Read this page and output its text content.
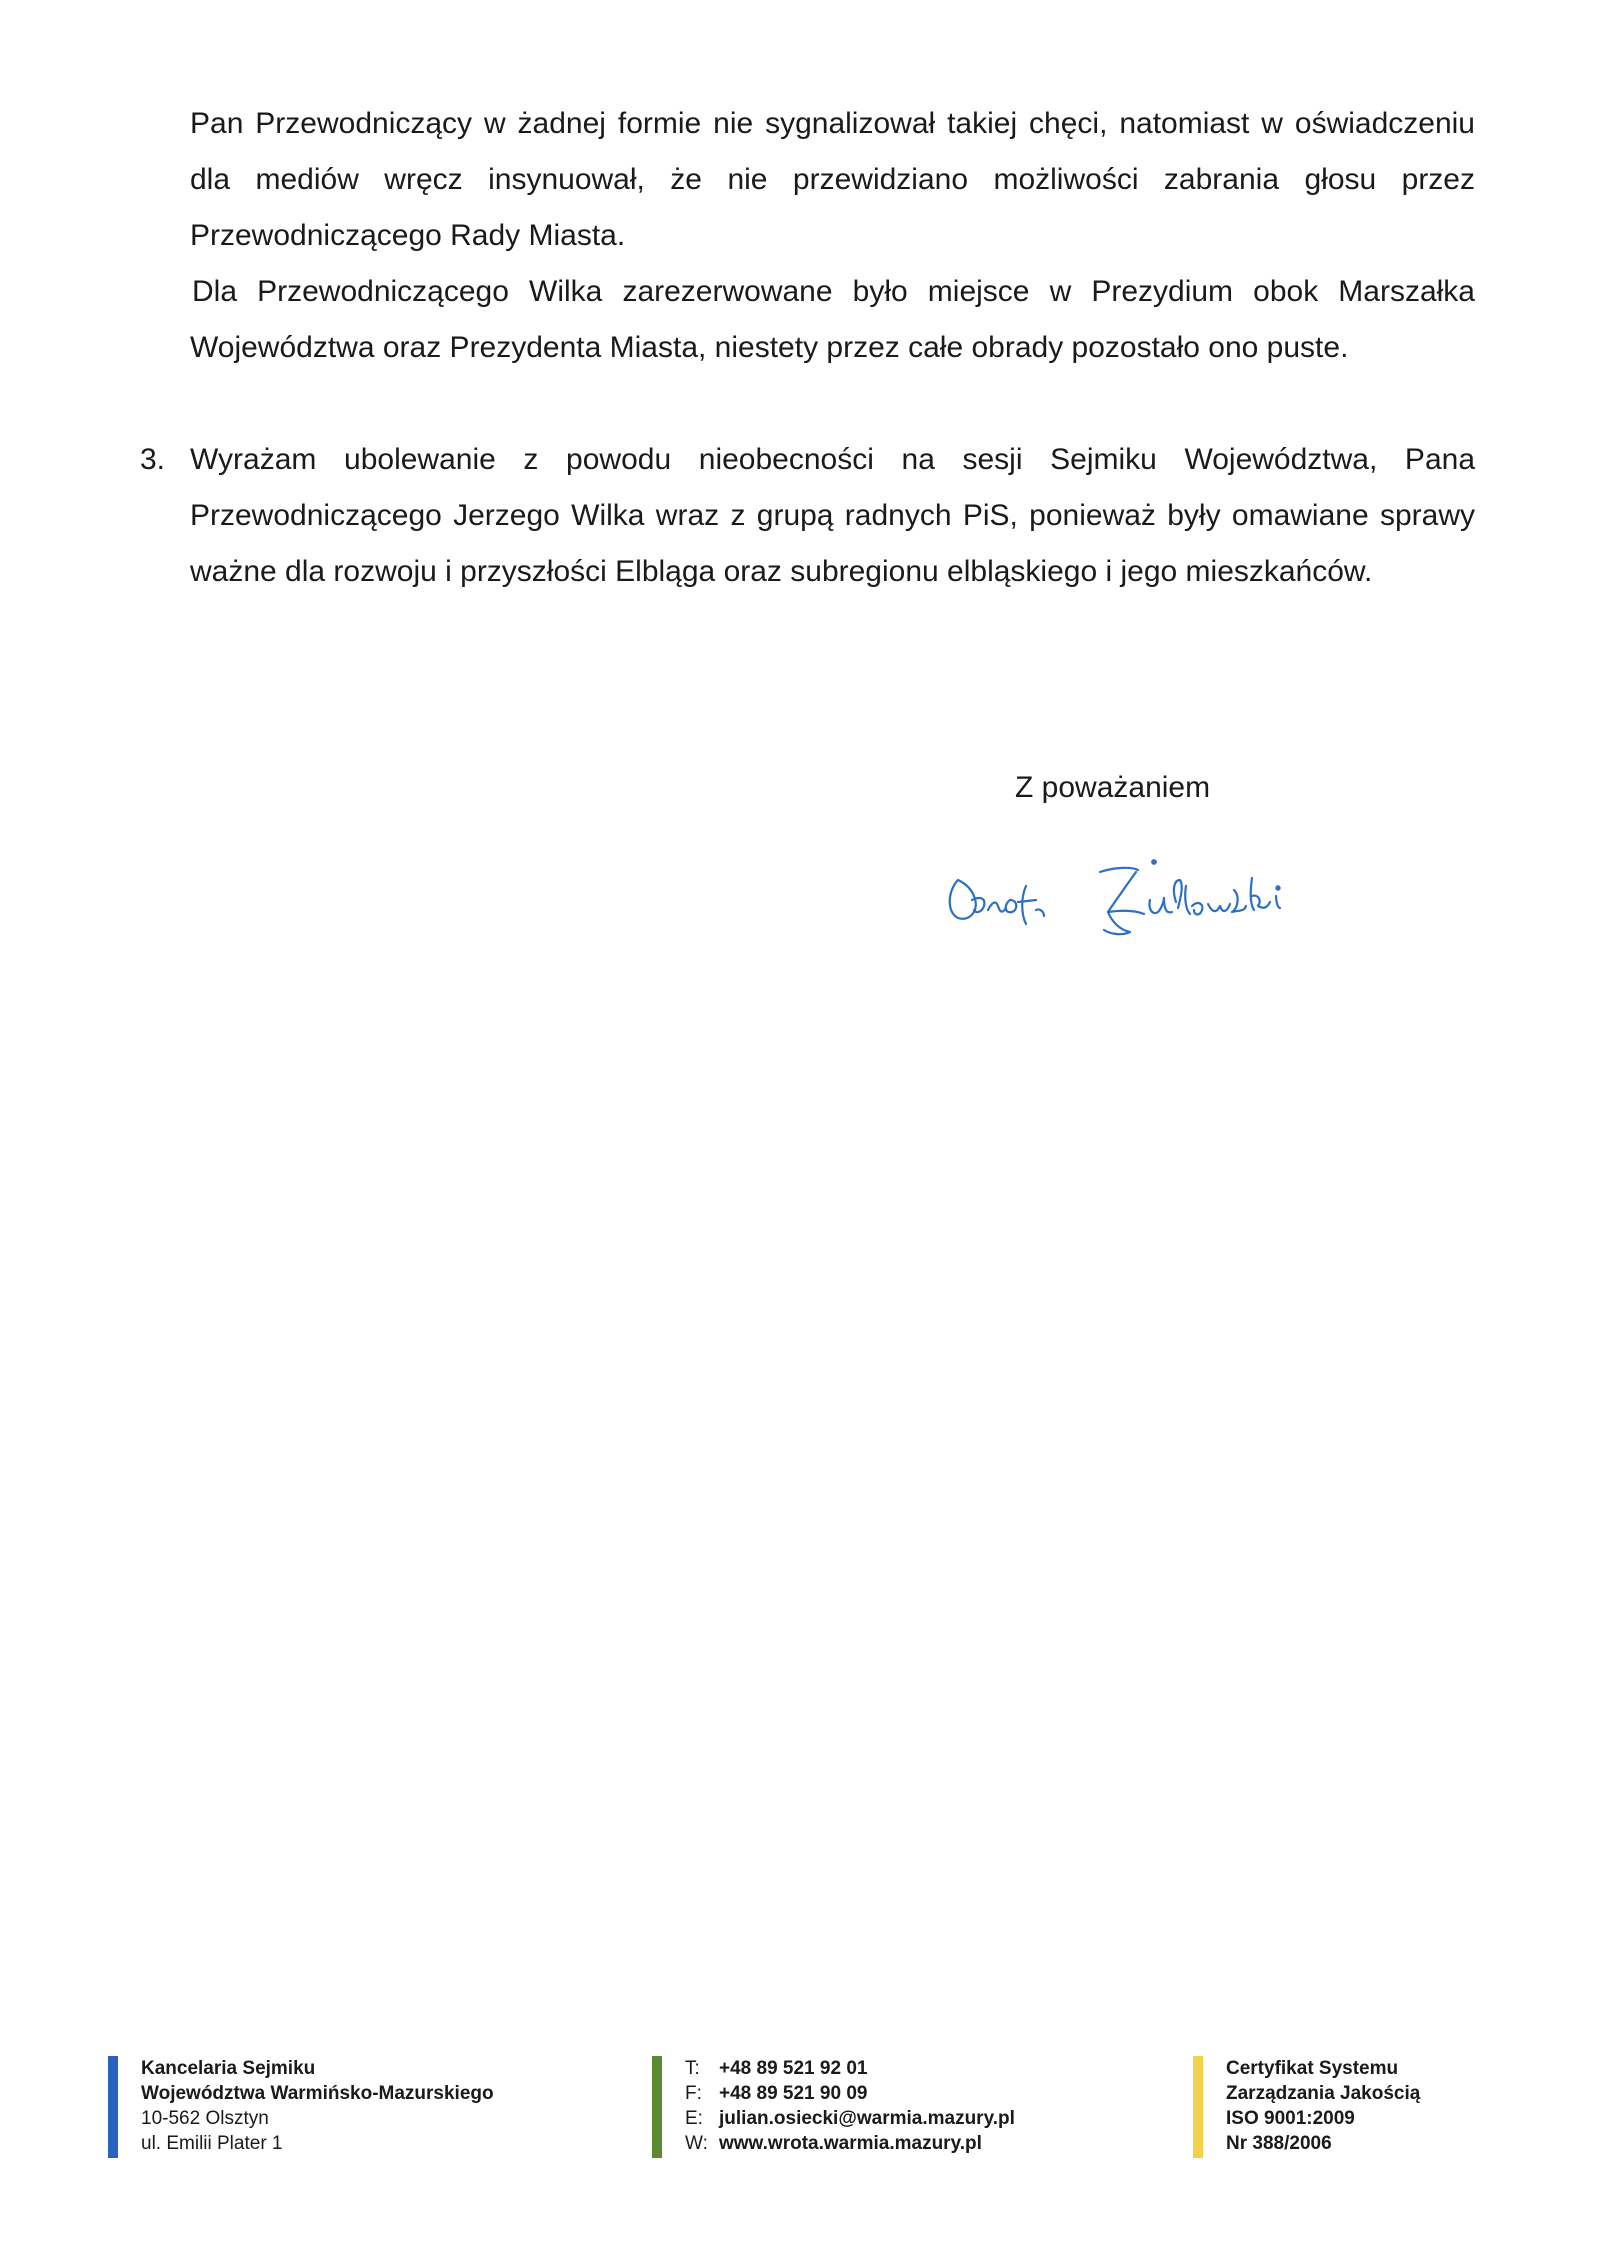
Pan Przewodniczący w żadnej formie nie sygnalizował takiej chęci, natomiast w oświadczeniu dla mediów wręcz insynuował, że nie przewidziano możliwości zabrania głosu przez Przewodniczącego Rady Miasta.

Dla Przewodniczącego Wilka zarezerwowane było miejsce w Prezydium obok Marszałka Województwa oraz Prezydenta Miasta, niestety przez całe obrady pozostało ono puste.

3. Wyrażam ubolewanie z powodu nieobecności na sesji Sejmiku Województwa, Pana Przewodniczącego Jerzego Wilka wraz z grupą radnych PiS, ponieważ były omawiane sprawy ważne dla rozwoju i przyszłości Elbląga oraz subregionu elbląskiego i jego mieszkańców.

Z poważaniem

Kancelaria Sejmiku
Województwa Warmińsko-Mazurskiego
10-562 Olsztyn
ul. Emilii Plater 1
T: +48 89 521 92 01
F: +48 89 521 90 09
E: julian.osiecki@warmia.mazury.pl
W: www.wrota.warmia.mazury.pl
Certyfikat Systemu
Zarządzania Jakością
ISO 9001:2009
Nr 388/2006
